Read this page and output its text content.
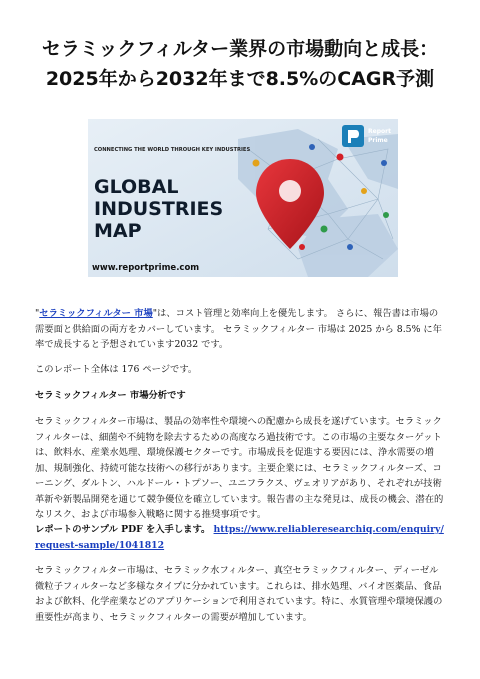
セラミックフィルター業界の市場動向と成長：
2025年から2032年まで8.5%のCAGR予測
CONNECTING THE WORLD THROUGH KEY INDUSTRIES
GLOBAL
INDUSTRIES
MAP
www.reportprime.com
Report
Prime

"セラミックフィルター 市場"は、コスト管理と効率向上を優先します。 さらに、報告書は市場の需要面と供給面の両方をカバーしています。 セラミックフィルター 市場は 2025 から 8.5% に年率で成長すると予想されています2032 です。

このレポート全体は 176 ページです。

セラミックフィルター 市場分析です

セラミックフィルター市場は、製品の効率性や環境への配慮から成長を遂げています。セラミックフィルターは、細菌や不純物を除去するための高度なろ過技術です。この市場の主要なターゲットは、飲料水、産業水処理、環境保護セクターです。市場成長を促進する要因には、浄水需要の増加、規制強化、持続可能な技術への移行があります。主要企業には、セラミックフィルターズ、コーニング、ダルトン、ハルドール・トプソー、ユニフラクス、ヴェオリアがあり、それぞれが技術革新や新製品開発を通じて競争優位を確立しています。報告書の主な発見は、成長の機会、潜在的なリスク、および市場参入戦略に関する推奨事項です。

レポートのサンプル PDF を入手します。 https://www.reliableresearchiq.com/enquiry/request-sample/1041812

セラミックフィルター市場は、セラミック水フィルター、真空セラミックフィルター、ディーゼル微粒子フィルターなど多様なタイプに分かれています。これらは、排水処理、バイオ医薬品、食品および飲料、化学産業などのアプリケーションで利用されています。特に、水質管理や環境保護の重要性が高まり、セラミックフィルターの需要が増加しています。
